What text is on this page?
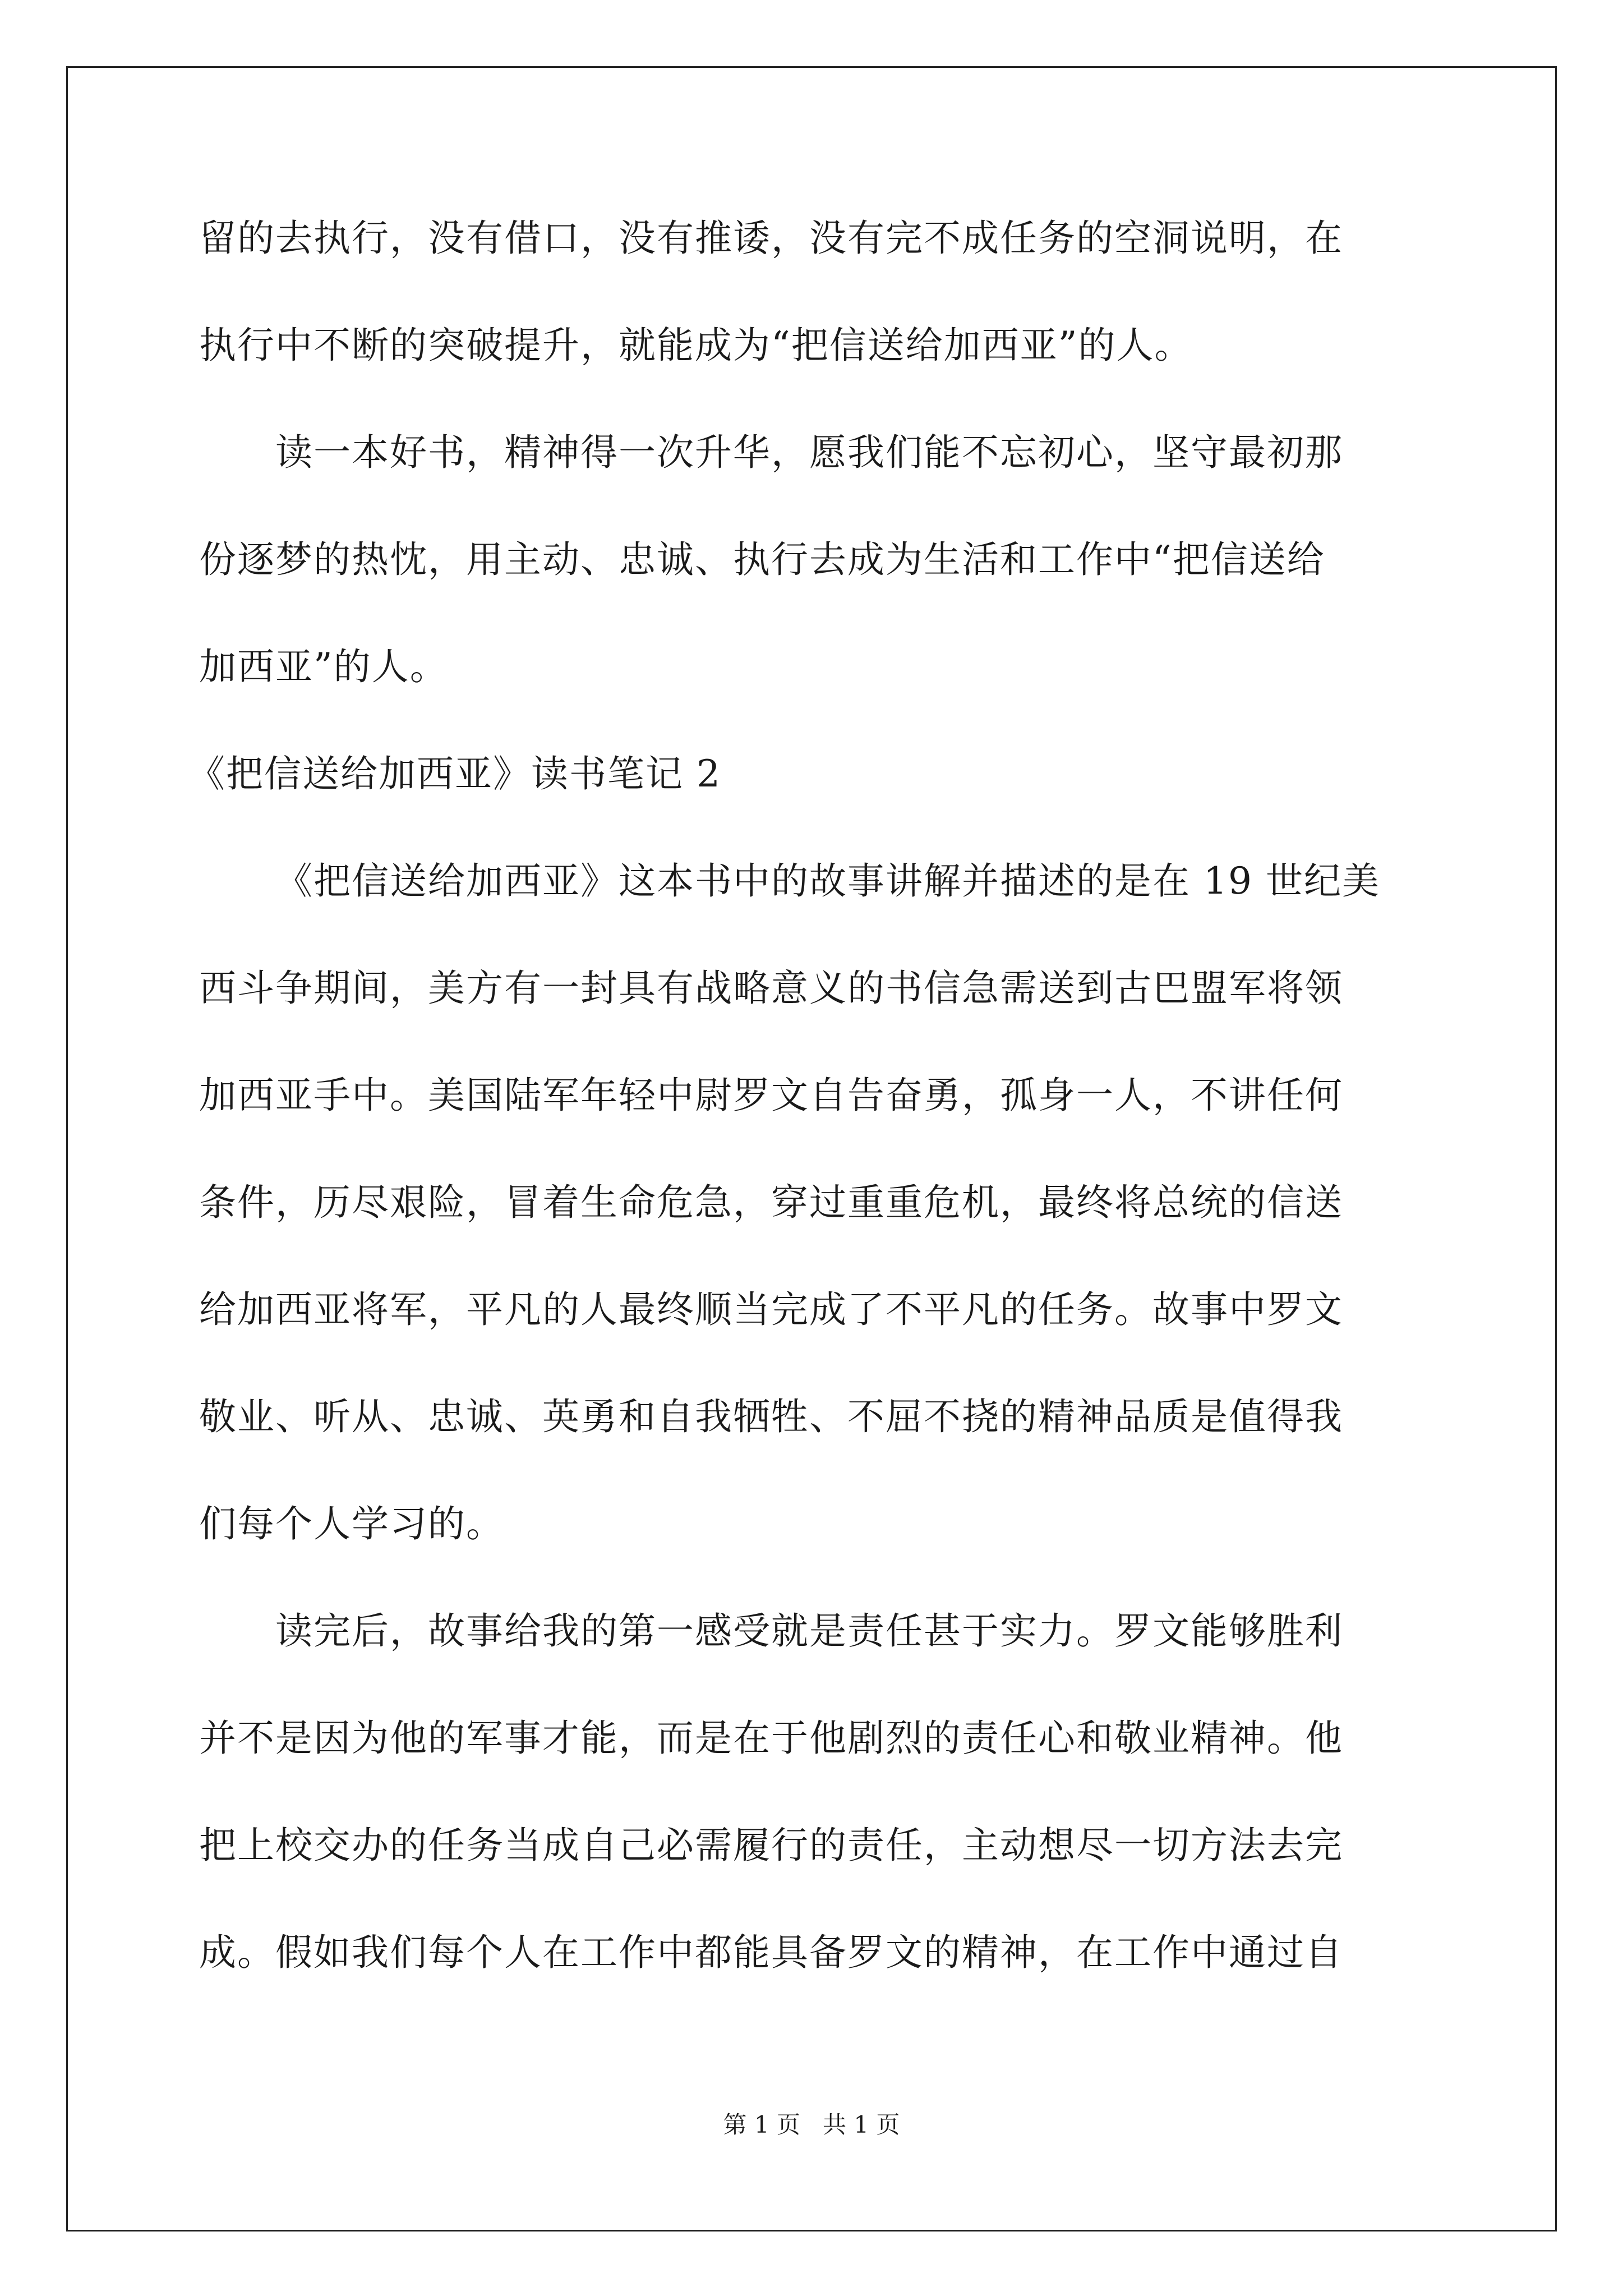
留的去执行，没有借口，没有推诿，没有完不成任务的空洞说明，在
执行中不断的突破提升，就能成为“把信送给加西亚”的人。
读一本好书，精神得一次升华，愿我们能不忘初心，坚守最初那
份逐梦的热忱，用主动、忠诚、执行去成为生活和工作中“把信送给
加西亚”的人。
《把信送给加西亚》读书笔记 2
《把信送给加西亚》这本书中的故事讲解并描述的是在 19 世纪美
西斗争期间，美方有一封具有战略意义的书信急需送到古巴盟军将领
加西亚手中。美国陆军年轻中尉罗文自告奋勇，孤身一人，不讲任何
条件，历尽艰险，冒着生命危急，穿过重重危机，最终将总统的信送
给加西亚将军，平凡的人最终顺当完成了不平凡的任务。故事中罗文
敬业、听从、忠诚、英勇和自我牺牲、不屈不挠的精神品质是值得我
们每个人学习的。
读完后，故事给我的第一感受就是责任甚于实力。罗文能够胜利
并不是因为他的军事才能，而是在于他剧烈的责任心和敬业精神。他
把上校交办的任务当成自己必需履行的责任，主动想尽一切方法去完
成。假如我们每个人在工作中都能具备罗文的精神，在工作中通过自
第 1 页 共 1 页
